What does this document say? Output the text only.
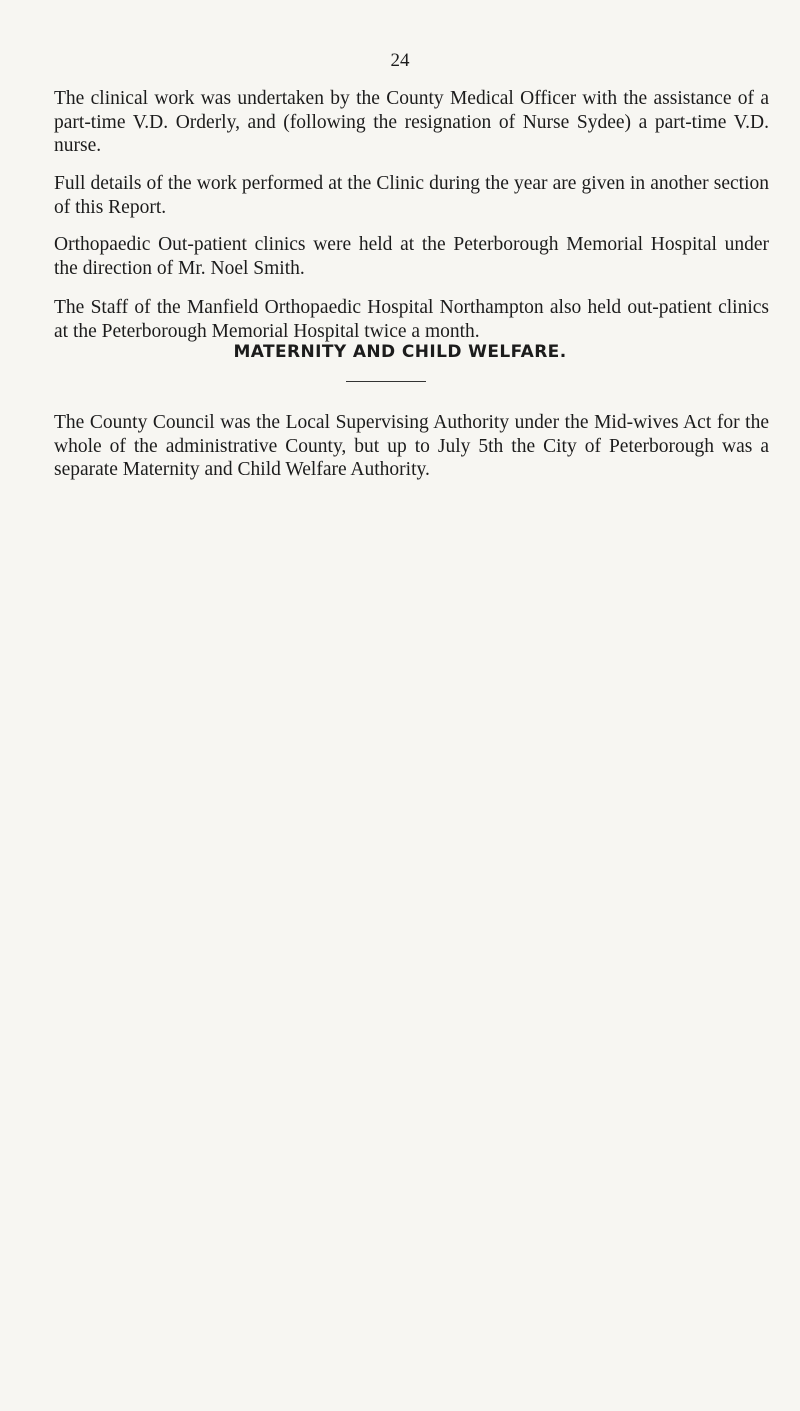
24
The clinical work was undertaken by the County Medical Officer with the assistance of a part-time V.D. Orderly, and (following the resignation of Nurse Sydee) a part-time V.D. nurse.
Full details of the work performed at the Clinic during the year are given in another section of this Report.
Orthopaedic Out-patient clinics were held at the Peterborough Memorial Hospital under the direction of Mr. Noel Smith.
The Staff of the Manfield Orthopaedic Hospital Northampton also held out-patient clinics at the Peterborough Memorial Hospital twice a month.
MATERNITY AND CHILD WELFARE.
The County Council was the Local Supervising Authority under the Mid-wives Act for the whole of the administrative County, but up to July 5th the City of Peterborough was a separate Maternity and Child Welfare Authority.
